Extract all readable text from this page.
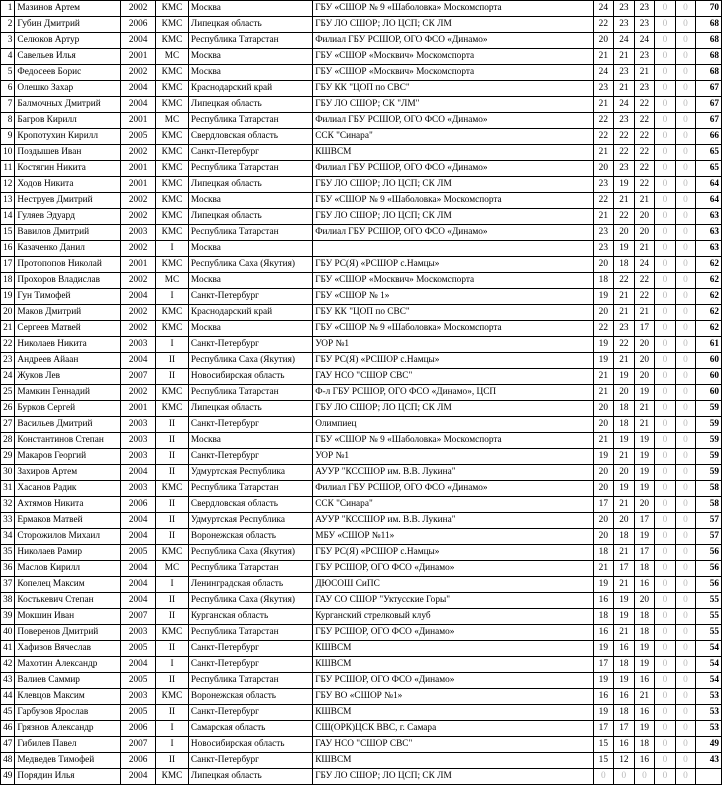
1	Мазинов Артем	2002	КМС	Москва	ГБУ «СШОР № 9 «Шаболовка» Москомспорта	24	23	23	0	0	70
2	Губин Дмитрий	2006	КМС	Липецкая область	ГБУ ЛО СШОР; ЛО ЦСП; СК ЛМ	22	23	23	0	0	68
3	Селюков Артур	2004	КМС	Республика Татарстан	Филиал ГБУ РСШОР, ОГО ФСО «Динамо»	20	24	24	0	0	68
4	Савельев Илья	2001	МС	Москва	ГБУ «СШОР «Москвич» Москомспорта	21	21	23	0	0	68
5	Федосеев Борис	2002	КМС	Москва	ГБУ «СШОР «Москвич» Москомспорта	24	23	21	0	0	68
6	Олешко Захар	2004	КМС	Краснодарский край	ГБУ КК "ЦОП по СВС"	23	21	23	0	0	67
7	Балмочных Дмитрий	2004	КМС	Липецкая область	ГБУ ЛО СШОР; СК "ЛМ"	21	24	22	0	0	67
8	Багров Кирилл	2001	МС	Республика Татарстан	Филиал ГБУ РСШОР, ОГО ФСО «Динамо»	22	23	22	0	0	67
9	Кропотухин Кирилл	2005	КМС	Свердловская область	ССК "Синара"	22	22	22	0	0	66
10	Поздышев Иван	2002	КМС	Санкт-Петербург	КШВСМ	21	22	22	0	0	65
11	Костягин Никита	2001	КМС	Республика Татарстан	Филиал ГБУ РСШОР, ОГО ФСО «Динамо»	20	23	22	0	0	65
12	Ходов Никита	2001	КМС	Липецкая область	ГБУ ЛО СШОР; ЛО ЦСП; СК ЛМ	23	19	22	0	0	64
13	Неструев Дмитрий	2002	КМС	Москва	ГБУ «СШОР № 9 «Шаболовка» Москомспорта	22	21	21	0	0	64
14	Гуляев Эдуард	2002	КМС	Липецкая область	ГБУ ЛО СШОР; ЛО ЦСП; СК ЛМ	21	22	20	0	0	63
15	Вавилов Дмитрий	2003	КМС	Республика Татарстан	Филиал ГБУ РСШОР, ОГО ФСО «Динамо»	23	20	20	0	0	63
16	Казаченко Данил	2002	I	Москва		23	19	21	0	0	63
17	Протопопов Николай	2001	КМС	Республика Саха (Якутия)	ГБУ РС(Я) «РСШОР с.Намцы»	20	18	24	0	0	62
18	Прохоров Владислав	2002	МС	Москва	ГБУ «СШОР «Москвич» Москомспорта	18	22	22	0	0	62
19	Гун Тимофей	2004	I	Санкт-Петербург	ГБУ «СШОР № 1»	19	21	22	0	0	62
20	Маков Дмитрий	2002	КМС	Краснодарский край	ГБУ КК "ЦОП по СВС"	20	21	21	0	0	62
21	Сергеев Матвей	2002	КМС	Москва	ГБУ «СШОР № 9 «Шаболовка» Москомспорта	22	23	17	0	0	62
22	Николаев Никита	2003	I	Санкт-Петербург	УОР №1	19	22	20	0	0	61
23	Андреев Айаан	2004	II	Республика Саха (Якутия)	ГБУ РС(Я) «РСШОР с.Намцы»	19	21	20	0	0	60
24	Жуков Лев	2007	II	Новосибирская область	ГАУ НСО "СШОР СВС"	21	19	20	0	0	60
25	Мамкин Геннадий	2002	КМС	Республика Татарстан	Ф-л ГБУ РСШОР, ОГО ФСО «Динамо», ЦСП	21	20	19	0	0	60
26	Бурков Сергей	2001	КМС	Липецкая область	ГБУ ЛО СШОР; ЛО ЦСП; СК ЛМ	20	18	21	0	0	59
27	Васильев Дмитрий	2003	II	Санкт-Петербург	Олимпиец	20	18	21	0	0	59
28	Константинов Степан	2003	II	Москва	ГБУ «СШОР № 9 «Шаболовка» Москомспорта	21	19	19	0	0	59
29	Макаров Георгий	2003	II	Санкт-Петербург	УОР №1	19	21	19	0	0	59
30	Захиров Артем	2004	II	Удмуртская Республика	АУУР "КССШОР им. В.В. Лукина"	20	20	19	0	0	59
31	Хасанов Радик	2003	КМС	Республика Татарстан	Филиал ГБУ РСШОР, ОГО ФСО «Динамо»	20	19	19	0	0	58
32	Ахтямов Никита	2006	II	Свердловская область	ССК "Синара"	17	21	20	0	0	58
33	Ермаков Матвей	2004	II	Удмуртская Республика	АУУР "КССШОР им. В.В. Лукина"	20	20	17	0	0	57
34	Сторожилов Михаил	2004	II	Воронежская область	МБУ «СШОР №11»	20	18	19	0	0	57
35	Николаев Рамир	2005	КМС	Республика Саха (Якутия)	ГБУ РС(Я) «РСШОР с.Намцы»	18	21	17	0	0	56
36	Маслов Кирилл	2004	МС	Республика Татарстан	ГБУ РСШОР, ОГО ФСО «Динамо»	21	17	18	0	0	56
37	Копелец Максим	2004	I	Ленинградская область	ДЮСОШ СиПС	19	21	16	0	0	56
38	Костькевич Степан	2004	II	Республика Саха (Якутия)	ГАУ СО СШОР "Уктусские Горы"	16	19	20	0	0	55
39	Мокшин Иван	2007	II	Курганская область	Курганский стрелковый клуб	18	19	18	0	0	55
40	Поверенов Дмитрий	2003	КМС	Республика Татарстан	ГБУ РСШОР, ОГО ФСО «Динамо»	16	21	18	0	0	55
41	Хафизов Вячеслав	2005	II	Санкт-Петербург	КШВСМ	19	16	19	0	0	54
42	Махотин Александр	2004	I	Санкт-Петербург	КШВСМ	17	18	19	0	0	54
43	Валиев Саммир	2005	II	Республика Татарстан	ГБУ РСШОР, ОГО ФСО «Динамо»	19	19	16	0	0	54
44	Клевцов Максим	2003	КМС	Воронежская область	ГБУ ВО «СШОР №1»	16	16	21	0	0	53
45	Гарбузов Ярослав	2005	II	Санкт-Петербург	КШВСМ	19	18	16	0	0	53
46	Грязнов Александр	2006	I	Самарская область	СШ(ОРК)ЦСК ВВС, г. Самара	17	17	19	0	0	53
47	Гибилев Павел	2007	I	Новосибирская область	ГАУ НСО "СШОР СВС"	15	16	18	0	0	49
48	Медведев Тимофей	2006	II	Санкт-Петербург	КШВСМ	15	12	16	0	0	43
49	Порядин Илья	2004	КМС	Липецкая область	ГБУ ЛО СШОР; ЛО ЦСП; СК ЛМ	0	0	0	0	0	
